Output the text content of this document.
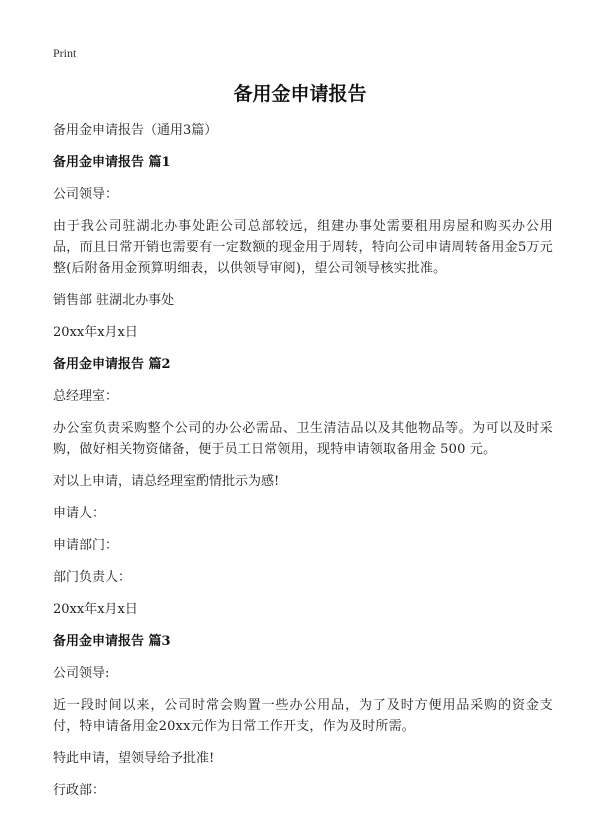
Print
备用金申请报告

备用金申请报告（通用3篇）

备用金申请报告 篇1

公司领导：

由于我公司驻湖北办事处距公司总部较远，组建办事处需要租用房屋和购买办公用品，而且日常开销也需要有一定数额的现金用于周转，特向公司申请周转备用金5万元整(后附备用金预算明细表，以供领导审阅)，望公司领导核实批准。

销售部 驻湖北办事处

20xx年x月x日

备用金申请报告 篇2

总经理室：

办公室负责采购整个公司的办公必需品、卫生清洁品以及其他物品等。为可以及时采购，做好相关物资储备，便于员工日常领用，现特申请领取备用金 500 元。

对以上申请，请总经理室酌情批示为感!

申请人：

申请部门：

部门负责人：

20xx年x月x日

备用金申请报告 篇3

公司领导:

近一段时间以来，公司时常会购置一些办公用品，为了及时方便用品采购的资金支付，特申请备用金20xx元作为日常工作开支，作为及时所需。

特此申请，望领导给予批准!

行政部：
